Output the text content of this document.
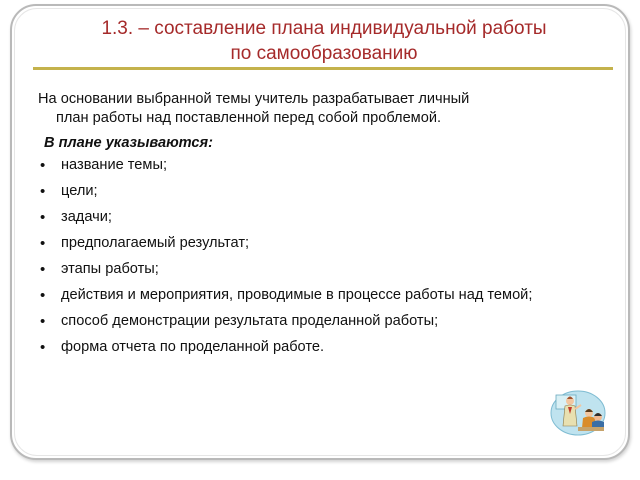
1.3. – составление плана индивидуальной работы
по самообразованию

На основании выбранной темы учитель разрабатывает личный
план работы над поставленной перед собой проблемой.

В плане указываются:
• название темы;
• цели;
• задачи;
• предполагаемый результат;
• этапы работы;
• действия и мероприятия, проводимые в процессе работы над темой;
• способ демонстрации результата проделанной работы;
• форма отчета по проделанной работе.
